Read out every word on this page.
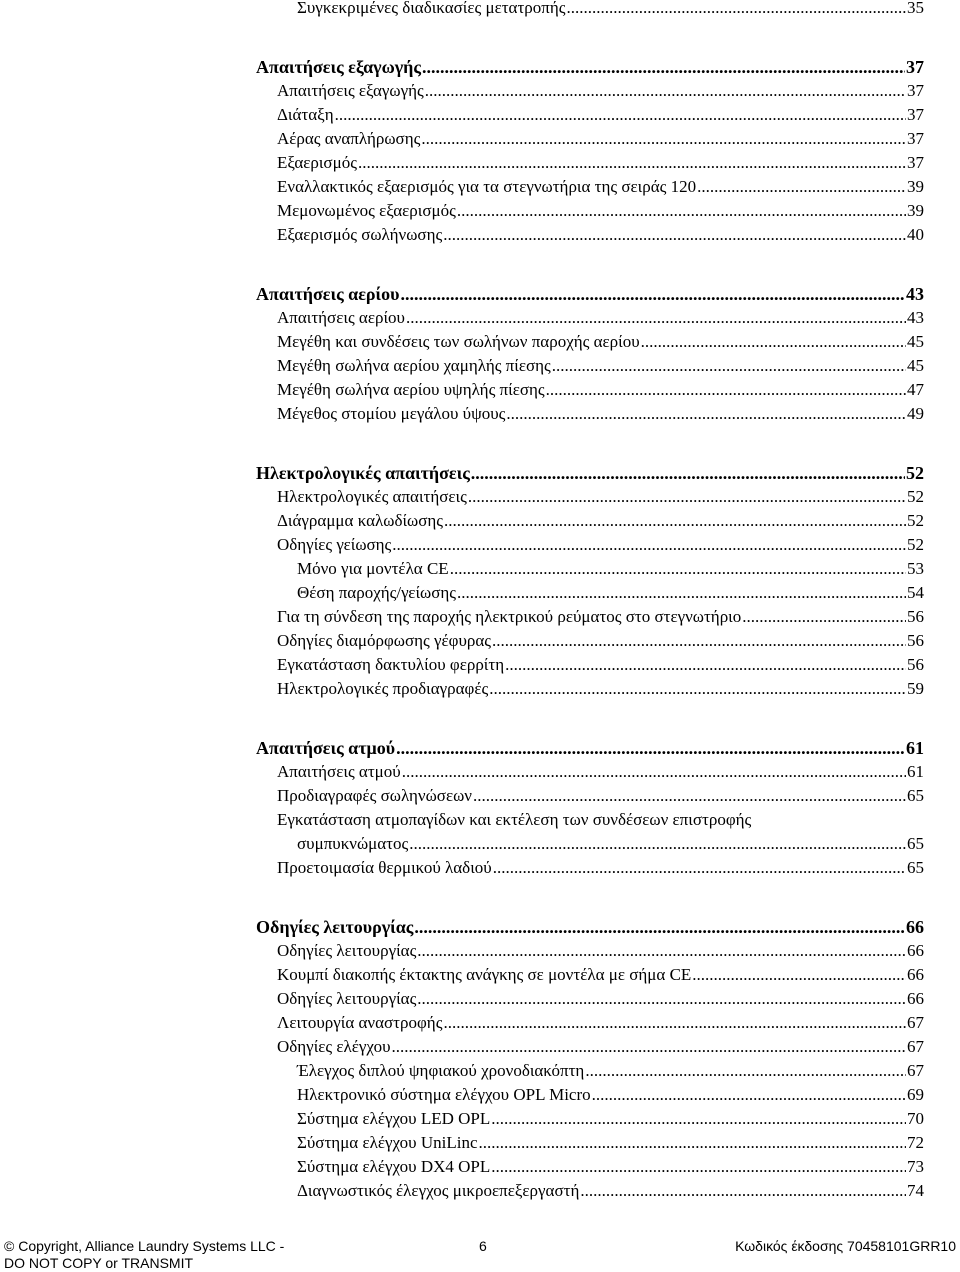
Συγκεκριμένες διαδικασίες μετατροπής .....	35
Απαιτήσεις εξαγωγής .....	37
Απαιτήσεις εξαγωγής .....	37
Διάταξη .....	37
Αέρας αναπλήρωσης .....	37
Εξαερισμός .....	37
Εναλλακτικός εξαερισμός για τα στεγνωτήρια της σειράς 120 .....	39
Μεμονωμένος εξαερισμός .....	39
Εξαερισμός σωλήνωσης .....	40
Απαιτήσεις αερίου .....	43
Απαιτήσεις αερίου .....	43
Μεγέθη και συνδέσεις των σωλήνων παροχής αερίου .....	45
Μεγέθη σωλήνα αερίου χαμηλής πίεσης .....	45
Μεγέθη σωλήνα αερίου υψηλής πίεσης .....	47
Μέγεθος στομίου μεγάλου ύψους .....	49
Ηλεκτρολογικές απαιτήσεις .....	52
Ηλεκτρολογικές απαιτήσεις .....	52
Διάγραμμα καλωδίωσης .....	52
Οδηγίες γείωσης .....	52
Μόνο για μοντέλα CE .....	53
Θέση παροχής/γείωσης .....	54
Για τη σύνδεση της παροχής ηλεκτρικού ρεύματος στο στεγνωτήριο .....	56
Οδηγίες διαμόρφωσης γέφυρας .....	56
Εγκατάσταση δακτυλίου φερρίτη .....	56
Ηλεκτρολογικές προδιαγραφές .....	59
Απαιτήσεις ατμού .....	61
Απαιτήσεις ατμού .....	61
Προδιαγραφές σωληνώσεων .....	65
Εγκατάσταση ατμοπαγίδων και εκτέλεση των συνδέσεων επιστροφής
συμπυκνώματος .....	65
Προετοιμασία θερμικού λαδιού .....	65
Οδηγίες λειτουργίας .....	66
Οδηγίες λειτουργίας .....	66
Κουμπί διακοπής έκτακτης ανάγκης σε μοντέλα με σήμα CE .....	66
Οδηγίες λειτουργίας .....	66
Λειτουργία αναστροφής .....	67
Οδηγίες ελέγχου .....	67
Έλεγχος διπλού ψηφιακού χρονοδιακόπτη .....	67
Ηλεκτρονικό σύστημα ελέγχου OPL Micro .....	69
Σύστημα ελέγχου LED OPL .....	70
Σύστημα ελέγχου UniLinc .....	72
Σύστημα ελέγχου DX4 OPL .....	73
Διαγνωστικός έλεγχος μικροεπεξεργαστή .....	74
© Copyright, Alliance Laundry Systems LLC -
DO NOT COPY or TRANSMIT
6	Κωδικός έκδοσης 70458101GRR10
